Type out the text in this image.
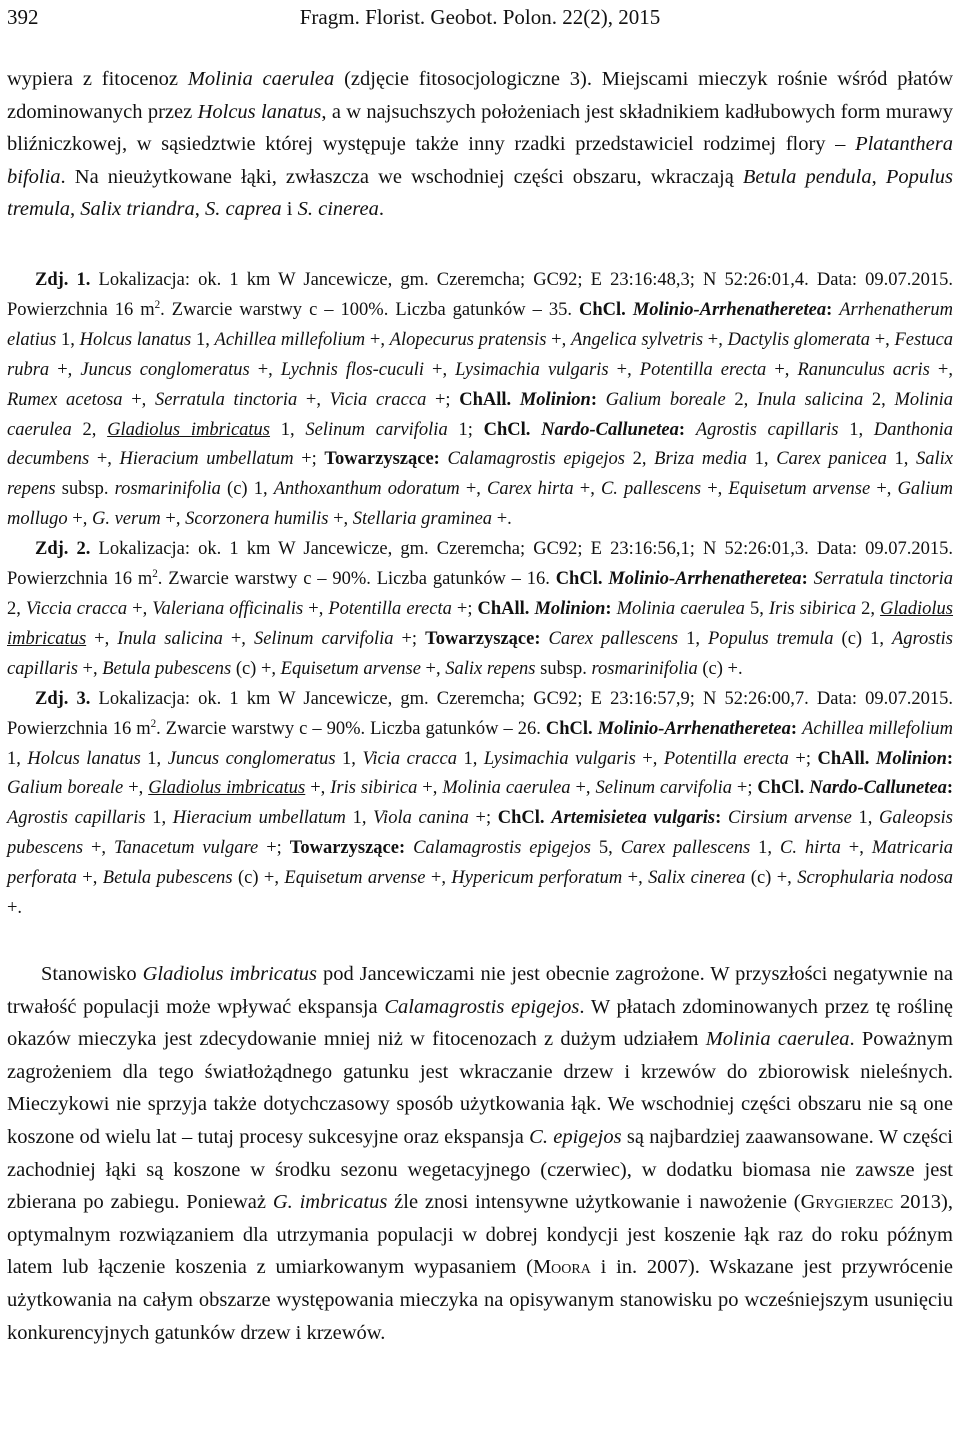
392	Fragm. Florist. Geobot. Polon. 22(2), 2015

wypiera z fitocenoz Molinia caerulea (zdjęcie fitosocjologiczne 3). Miejscami mieczyk rośnie wśród płatów zdominowanych przez Holcus lanatus, a w najsuchszych położeniach jest składnikiem kadłubowych form murawy bliźniczkowej, w sąsiedztwie której występuje także inny rzadki przedstawiciel rodzimej flory – Platanthera bifolia. Na nieużytkowane łąki, zwłaszcza we wschodniej części obszaru, wkraczają Betula pendula, Populus tremula, Salix triandra, S. caprea i S. cinerea.

Zdj. 1. Lokalizacja: ok. 1 km W Jancewicze, gm. Czeremcha; GC92; E 23:16:48,3; N 52:26:01,4. Data: 09.07.2015. Powierzchnia 16 $m^2$. Zwarcie warstwy c – 100%. Liczba gatunków – 35. ChCl. Molinio-Arrhenatheretea: Arrhenatherum elatius 1, Holcus lanatus 1, Achillea millefolium +, Alopecurus pratensis +, Angelica sylvetris +, Dactylis glomerata +, Festuca rubra +, Juncus conglomeratus +, Lychnis flos-cuculi +, Lysimachia vulgaris +, Potentilla erecta +, Ranunculus acris +, Rumex acetosa +, Serratula tinctoria +, Vicia cracca +; ChAll. Molinion: Galium boreale 2, Inula salicina 2, Molinia caerulea 2, Gladiolus imbricatus 1, Selinum carvifolia 1; ChCl. Nardo-Callunetea: Agrostis capillaris 1, Danthonia decumbens +, Hieracium umbellatum +; Towarzyszące: Calamagrostis epigejos 2, Briza media 1, Carex panicea 1, Salix repens subsp. rosmarinifolia (c) 1, Anthoxanthum odoratum +, Carex hirta +, C. pallescens +, Equisetum arvense +, Galium mollugo +, G. verum +, Scorzonera humilis +, Stellaria graminea +.

Zdj. 2. Lokalizacja: ok. 1 km W Jancewicze, gm. Czeremcha; GC92; E 23:16:56,1; N 52:26:01,3. Data: 09.07.2015. Powierzchnia 16 $m^2$. Zwarcie warstwy c – 90%. Liczba gatunków – 16. ChCl. Molinio-Arrhenatheretea: Serratula tinctoria 2, Viccia cracca +, Valeriana officinalis +, Potentilla erecta +; ChAll. Molinion: Molinia caerulea 5, Iris sibirica 2, Gladiolus imbricatus +, Inula salicina +, Selinum carvifolia +; Towarzyszące: Carex pallescens 1, Populus tremula (c) 1, Agrostis capillaris +, Betula pubescens (c) +, Equisetum arvense +, Salix repens subsp. rosmarinifolia (c) +.

Zdj. 3. Lokalizacja: ok. 1 km W Jancewicze, gm. Czeremcha; GC92; E 23:16:57,9; N 52:26:00,7. Data: 09.07.2015. Powierzchnia 16 $m^2$. Zwarcie warstwy c – 90%. Liczba gatunków – 26. ChCl. Molinio-Arrhenatheretea: Achillea millefolium 1, Holcus lanatus 1, Juncus conglomeratus 1, Vicia cracca 1, Lysimachia vulgaris +, Potentilla erecta +; ChAll. Molinion: Galium boreale +, Gladiolus imbricatus +, Iris sibirica +, Molinia caerulea +, Selinum carvifolia +; ChCl. Nardo-Callunetea: Agrostis capillaris 1, Hieracium umbellatum 1, Viola canina +; ChCl. Artemisietea vulgaris: Cirsium arvense 1, Galeopsis pubescens +, Tanacetum vulgare +; Towarzyszące: Calamagrostis epigejos 5, Carex pallescens 1, C. hirta +, Matricaria perforata +, Betula pubescens (c) +, Equisetum arvense +, Hypericum perforatum +, Salix cinerea (c) +, Scrophularia nodosa +.

Stanowisko Gladiolus imbricatus pod Jancewiczami nie jest obecnie zagrożone. W przyszłości negatywnie na trwałość populacji może wpływać ekspansja Calamagrostis epigejos. W płatach zdominowanych przez tę roślinę okazów mieczyka jest zdecydowanie mniej niż w fitocenozach z dużym udziałem Molinia caerulea. Poważnym zagrożeniem dla tego światłożądnego gatunku jest wkraczanie drzew i krzewów do zbiorowisk nieleśnych. Mieczykowi nie sprzyja także dotychczasowy sposób użytkowania łąk. We wschodniej części obszaru nie są one koszone od wielu lat – tutaj procesy sukcesyjne oraz ekspansja C. epigejos są najbardziej zaawansowane. W części zachodniej łąki są koszone w środku sezonu wegetacyjnego (czerwiec), w dodatku biomasa nie zawsze jest zbierana po zabiegu. Ponieważ G. imbricatus źle znosi intensywne użytkowanie i nawożenie (Grygierzec 2013), optymalnym rozwiązaniem dla utrzymania populacji w dobrej kondycji jest koszenie łąk raz do roku późnym latem lub łączenie koszenia z umiarkowanym wypasaniem (Moora i in. 2007). Wskazane jest przywrócenie użytkowania na całym obszarze występowania mieczyka na opisywanym stanowisku po wcześniejszym usunięciu konkurencyjnych gatunków drzew i krzewów.
